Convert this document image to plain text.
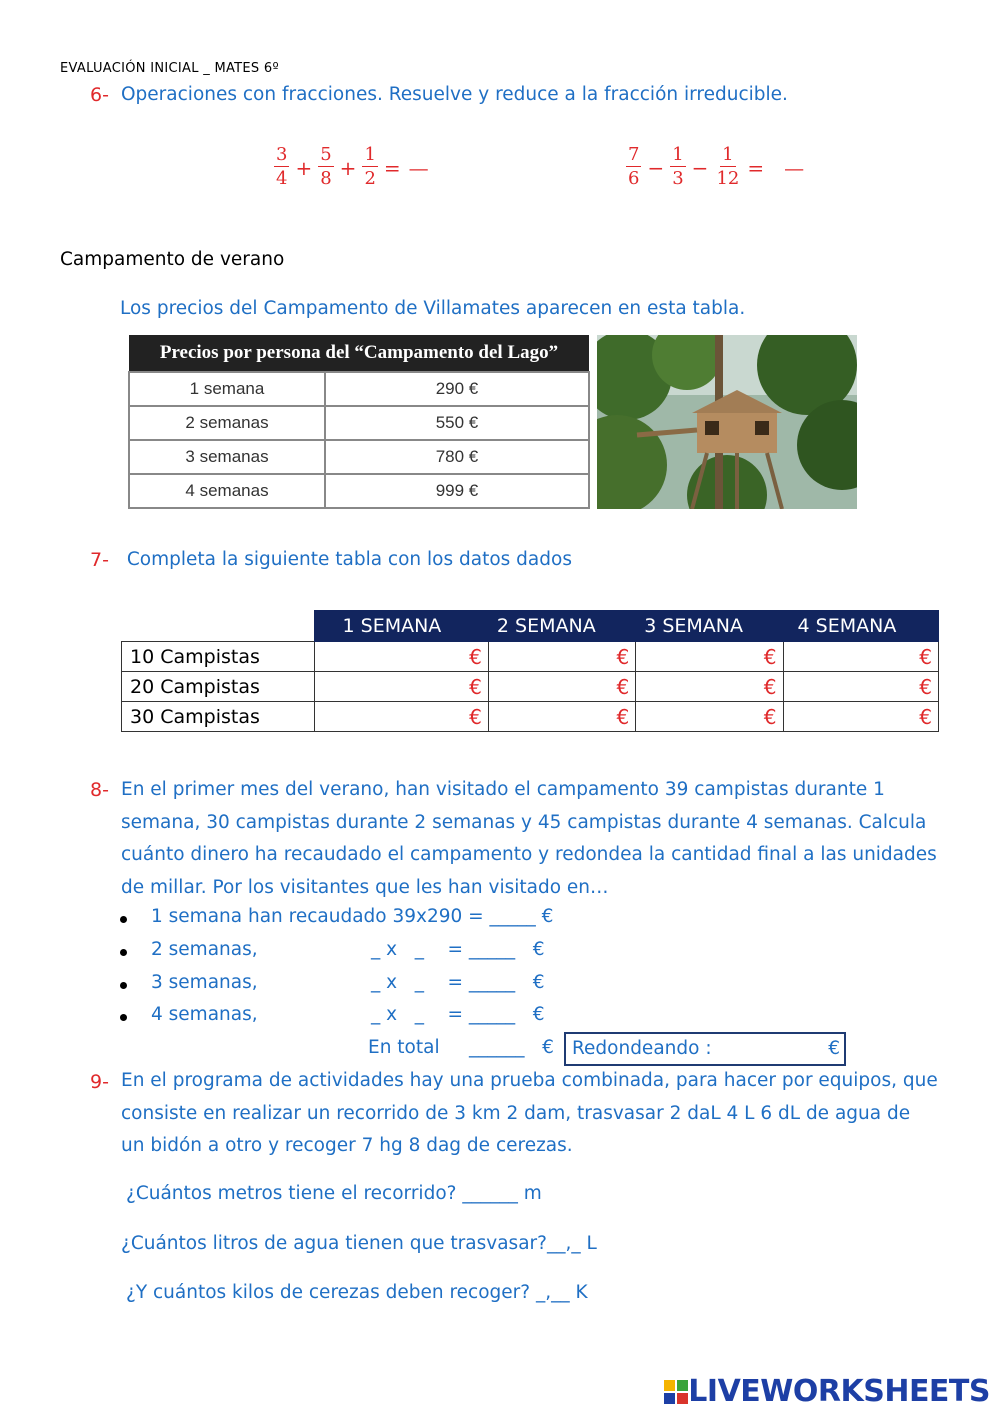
EVALUACIÓN INICIAL _ MATES 6º
6- Operaciones con fracciones. Resuelve y reduce a la fracción irreducible.
$\frac{3}{4} + \frac{5}{8} + \frac{1}{2}$ = —	$\frac{7}{6} - \frac{1}{3} - \frac{1}{12}$ = —
Campamento de verano
Los precios del Campamento de Villamates aparecen en esta tabla.
Precios por persona del “Campamento del Lago”	
1 semana	290 €
2 semanas	550 €
3 semanas	780 €
4 semanas	999 €
7- Completa la siguiente tabla con los datos dados
	1 SEMANA	2 SEMANA	3 SEMANA	4 SEMANA
10 Campistas	€	€	€	€
20 Campistas	€	€	€	€
30 Campistas	€	€	€	€
8- En el primer mes del verano, han visitado el campamento 39 campistas durante 1
semana, 30 campistas durante 2 semanas y 45 campistas durante 4 semanas. Calcula
cuánto dinero ha recaudado el campamento y redondea la cantidad final a las unidades
de millar. Por los visitantes que les han visitado en…
1 semana han recaudado 39x290 = _____ €
2 semanas,	_ x   _    = _____   €
3 semanas,	_ x   _    = _____   €
4 semanas,	_ x   _    = _____   €
En total     ______   € Redondeando :	€
9- En el programa de actividades hay una prueba combinada, para hacer por equipos, que
consiste en realizar un recorrido de 3 km 2 dam, trasvasar 2 daL 4 L 6 dL de agua de
un bidón a otro y recoger 7 hg 8 dag de cerezas.
¿Cuántos metros tiene el recorrido? ______ m
¿Cuántos litros de agua tienen que trasvasar?__,_ L
¿Y cuántos kilos de cerezas deben recoger? _,__ K
LIVEWORKSHEETS
